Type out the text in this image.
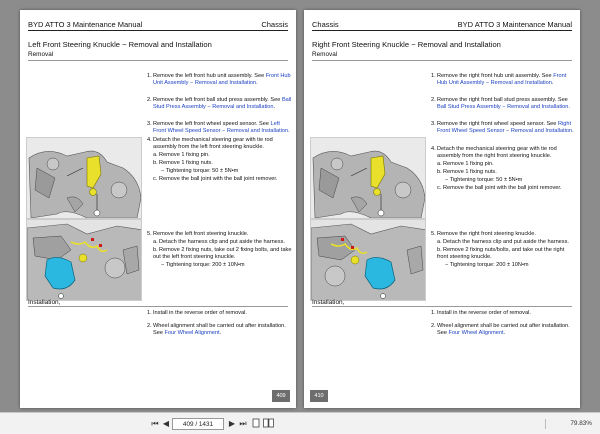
BYD ATTO 3 Maintenance Manual	Chassis
Left Front Steering Knuckle − Removal and Installation
Removal
1. Remove the left front hub unit assembly. See Front Hub Unit Assembly − Removal and Installation.
2. Remove the left front ball stud press assembly. See Ball Stud Press Assembly − Removal and Installation.
3. Remove the left front wheel speed sensor. See Left Front Wheel Speed Sensor − Removal and Installation.
4. Detach the mechanical steering gear with tie rod assembly from the left front steering knuckle.
a.Remove 1 fixing pin.
b.Remove 1 fixing nuts.
− Tightening torque: 50 ± 5N•m
c. Remove the ball joint with the ball joint remover.
5. Remove the left front steering knuckle.
a.Detach the harness clip and put aside the harness.
b.Remove 2 fixing nuts, take out 2 fixing bolts, and take out the left front steering knuckle.
− Tightening torque: 200 ± 10N•m
Installation,
1. Install in the reverse order of removal.
2. Wheel alignment shall be carried out after installation. See Four Wheel Alignment.
409
Chassis	BYD ATTO 3 Maintenance Manual
Right Front Steering Knuckle − Removal and Installation
Removal
1. Remove the right front hub unit assembly. See Front Hub Unit Assembly − Removal and Installation.
2. Remove the right front ball stud press assembly. See Ball Stud Press Assembly − Removal and Installation.
3. Remove the right front wheel speed sensor. See Right Front Wheel Speed Sensor − Removal and Installation.
4. Detach the mechanical steering gear with tie rod assembly from the right front steering knuckle.
a.Remove 1 fixing pin.
b.Remove 1 fixing nuts.
− Tightening torque: 50 ± 5N•m
c. Remove the ball joint with the ball joint remover.
5. Remove the right front steering knuckle.
a.Detach the harness clip and put aside the harness.
b.Remove 2 fixing nuts/bolts, and take out the right front steering knuckle.
− Tightening torque: 200 ± 10N•m
Installation,
1. Install in the reverse order of removal.
2. Wheel alignment shall be carried out after installation. See Four Wheel Alignment.
410
⏮ ◀	409 / 1431	▶ ⏭	79.83%
